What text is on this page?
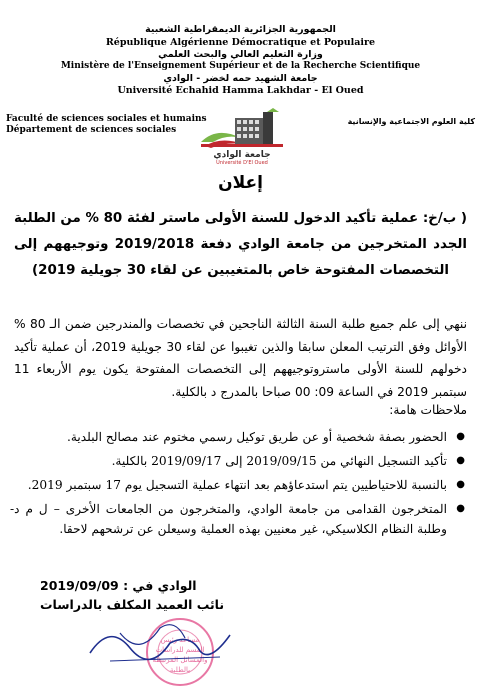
الجمهورية الجزائرية الديمقراطية الشعبية
République Algérienne Démocratique et Populaire
وزارة التعليم العالي والبحث العلمي
Ministère de l'Enseignement Supérieur et de la Recherche Scientifique
جامعة الشهيد حمه لخضر - الوادي
Université Echahid Hamma Lakhdar - El Oued
Faculté de sciences sociales et humains
Département de sciences sociales
كلية العلوم الاجتماعية والإنسانية
جامعة الوادي
Université D'El Oued
إعلان
( ب/خ: عملية تأكيد الدخول للسنة الأولى ماستر لفئة 80 % من الطلبة الجدد المتخرجين من جامعة الوادي دفعة 2019/2018 وتوجيههم إلى التخصصات المفتوحة خاص بالمتغيبين عن لقاء 30 جويلية 2019)
ننهي إلى علم جميع طلبة السنة الثالثة الناجحين في تخصصات والمندرجين ضمن الـ 80 % الأوائل وفق الترتيب المعلن سابقا والذين تغيبوا عن لقاء 30 جويلية 2019، أن عملية تأكيد دخولهم للسنة الأولى ماستروتوجيههم إلى التخصصات المفتوحة يكون يوم الأربعاء 11 سبتمبر 2019 في الساعة 09: 00 صباحا بالمدرج د بالكلية.
ملاحظات هامة:
●
الحضور بصفة شخصية أو عن طريق توكيل رسمي مختوم عند مصالح البلدية.
●
تأكيد التسجيل النهائي من 2019/09/15 إلى 2019/09/17 بالكلية.
●
بالنسبة للاحتياطيين يتم استدعاؤهم بعد انتهاء عملية التسجيل يوم 17 سبتمبر 2019.
●
المتخرجون القدامى من جامعة الوادي، والمتخرجون من الجامعات الأخرى – ل م د- وطلبة النظام الكلاسيكي، غير معنيين بهذه العملية وسيعلن عن ترشحهم لاحقا.
الوادي في : 2019/09/09
نائب العميد المكلف بالدراسات
مساعد رئيس
القسم للدراسات
والمسائل المرتبطة
بالطلبة
